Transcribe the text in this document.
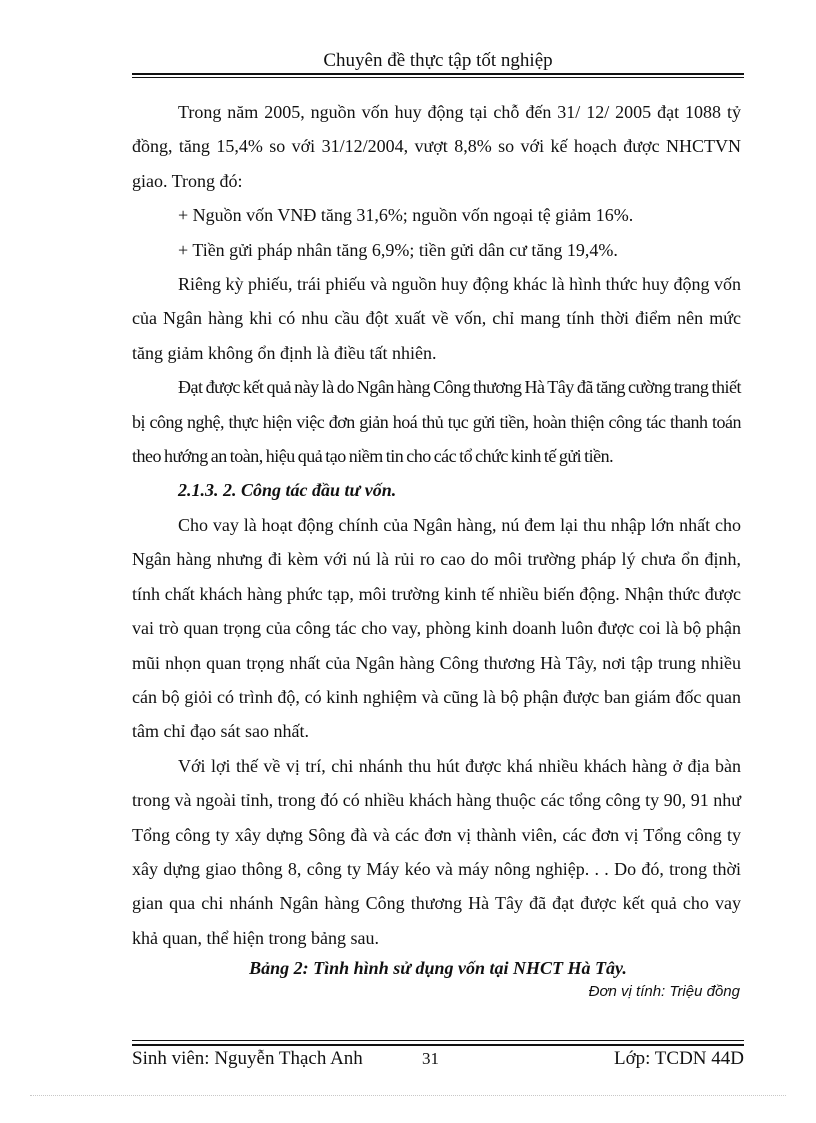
Chuyên đề thực tập tốt nghiệp

Trong năm 2005, nguồn vốn huy động tại chỗ đến 31/ 12/ 2005 đạt 1088 tỷ đồng, tăng 15,4% so với 31/12/2004, vượt 8,8% so với kế hoạch được NHCTVN giao. Trong đó:

+ Nguồn vốn VNĐ tăng 31,6%; nguồn vốn ngoại tệ giảm 16%.

+ Tiền gửi pháp nhân tăng 6,9%; tiền gửi dân cư tăng 19,4%.

Riêng kỳ phiếu, trái phiếu và nguồn huy động khác là hình thức huy động vốn của Ngân hàng khi có nhu cầu đột xuất về vốn, chỉ mang tính thời điểm nên mức tăng giảm không ổn định là điều tất nhiên.

Đạt được kết quả này là do Ngân hàng Công thương Hà Tây đã tăng cường trang thiết bị công nghệ, thực hiện việc đơn giản hoá thủ tục gửi tiền, hoàn thiện công tác thanh toán theo hướng an toàn, hiệu quả tạo niềm tin cho các tổ chức kinh tế gửi tiền.

2.1.3. 2. Công tác đầu tư vốn.

Cho vay là hoạt động chính của Ngân hàng, nú đem lại thu nhập lớn nhất cho Ngân hàng nhưng đi kèm với nú là rủi ro cao do môi trường pháp lý chưa ổn định, tính chất khách hàng phức tạp, môi trường kinh tế nhiều biến động. Nhận thức được vai trò quan trọng của công tác cho vay, phòng kinh doanh luôn được coi là bộ phận mũi nhọn quan trọng nhất của Ngân hàng Công thương Hà Tây, nơi tập trung nhiều cán bộ giỏi có trình độ, có kinh nghiệm và cũng là bộ phận được ban giám đốc quan tâm chỉ đạo sát sao nhất.

Với lợi thế về vị trí, chi nhánh thu hút được khá nhiều khách hàng ở địa bàn trong và ngoài tỉnh, trong đó có nhiều khách hàng thuộc các tổng công ty 90, 91 như Tổng công ty xây dựng Sông đà và các đơn vị thành viên, các đơn vị Tổng công ty xây dựng giao thông 8, công ty Máy kéo và máy nông nghiệp. . . Do đó, trong thời gian qua chi nhánh Ngân hàng Công thương Hà Tây đã đạt được kết quả cho vay khả quan, thể hiện trong bảng sau.

Bảng 2: Tình hình sử dụng vốn tại NHCT Hà Tây.
Đơn vị tính: Triệu đồng
Sinh viên: Nguyễn Thạch Anh	31	Lớp: TCDN 44D
